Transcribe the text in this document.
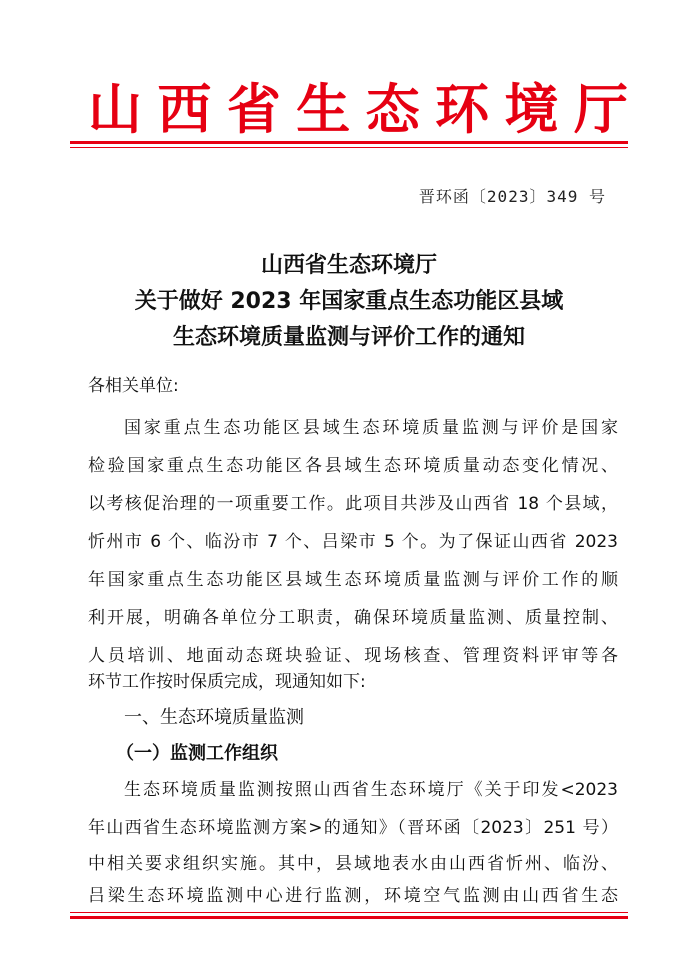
山 西 省 生 态 环 境 厅
晋环函〔2023〕349 号
山西省生态环境厅
关于做好 2023 年国家重点生态功能区县域
生态环境质量监测与评价工作的通知
各相关单位:
国家重点生态功能区县域生态环境质量监测与评价是国家
检验国家重点生态功能区各县域生态环境质量动态变化情况、
以考核促治理的一项重要工作。此项目共涉及山西省 18 个县域，
忻州市 6 个、临汾市 7 个、吕梁市 5 个。为了保证山西省 2023
年国家重点生态功能区县域生态环境质量监测与评价工作的顺
利开展，明确各单位分工职责，确保环境质量监测、质量控制、
人员培训、地面动态斑块验证、现场核查、管理资料评审等各
环节工作按时保质完成，现通知如下:
一、生态环境质量监测
（一）监测工作组织
生态环境质量监测按照山西省生态环境厅《关于印发<2023
年山西省生态环境监测方案>的通知》（晋环函〔2023〕251 号）
中相关要求组织实施。其中，县域地表水由山西省忻州、临汾、
吕梁生态环境监测中心进行监测，环境空气监测由山西省生态
